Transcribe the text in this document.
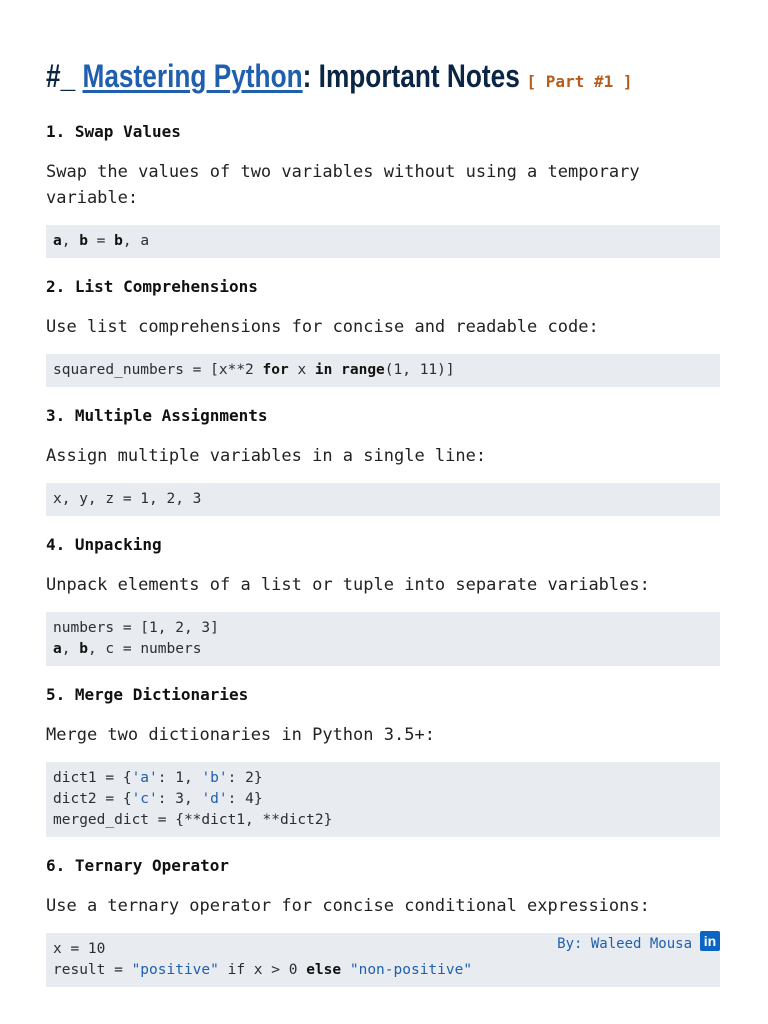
#_ Mastering Python: Important Notes [ Part #1 ]
1. Swap Values

Swap the values of two variables without using a temporary variable:

a, b = b, a
2. List Comprehensions

Use list comprehensions for concise and readable code:

squared_numbers = [x**2 for x in range(1, 11)]
3. Multiple Assignments

Assign multiple variables in a single line:

x, y, z = 1, 2, 3
4. Unpacking

Unpack elements of a list or tuple into separate variables:

numbers = [1, 2, 3]
a, b, c = numbers
5. Merge Dictionaries

Merge two dictionaries in Python 3.5+:

dict1 = {'a': 1, 'b': 2}
dict2 = {'c': 3, 'd': 4}
merged_dict = {**dict1, **dict2}
6. Ternary Operator

Use a ternary operator for concise conditional expressions:

x = 10
result = "positive" if x > 0 else "non-positive"
By: Waleed Mousa in
